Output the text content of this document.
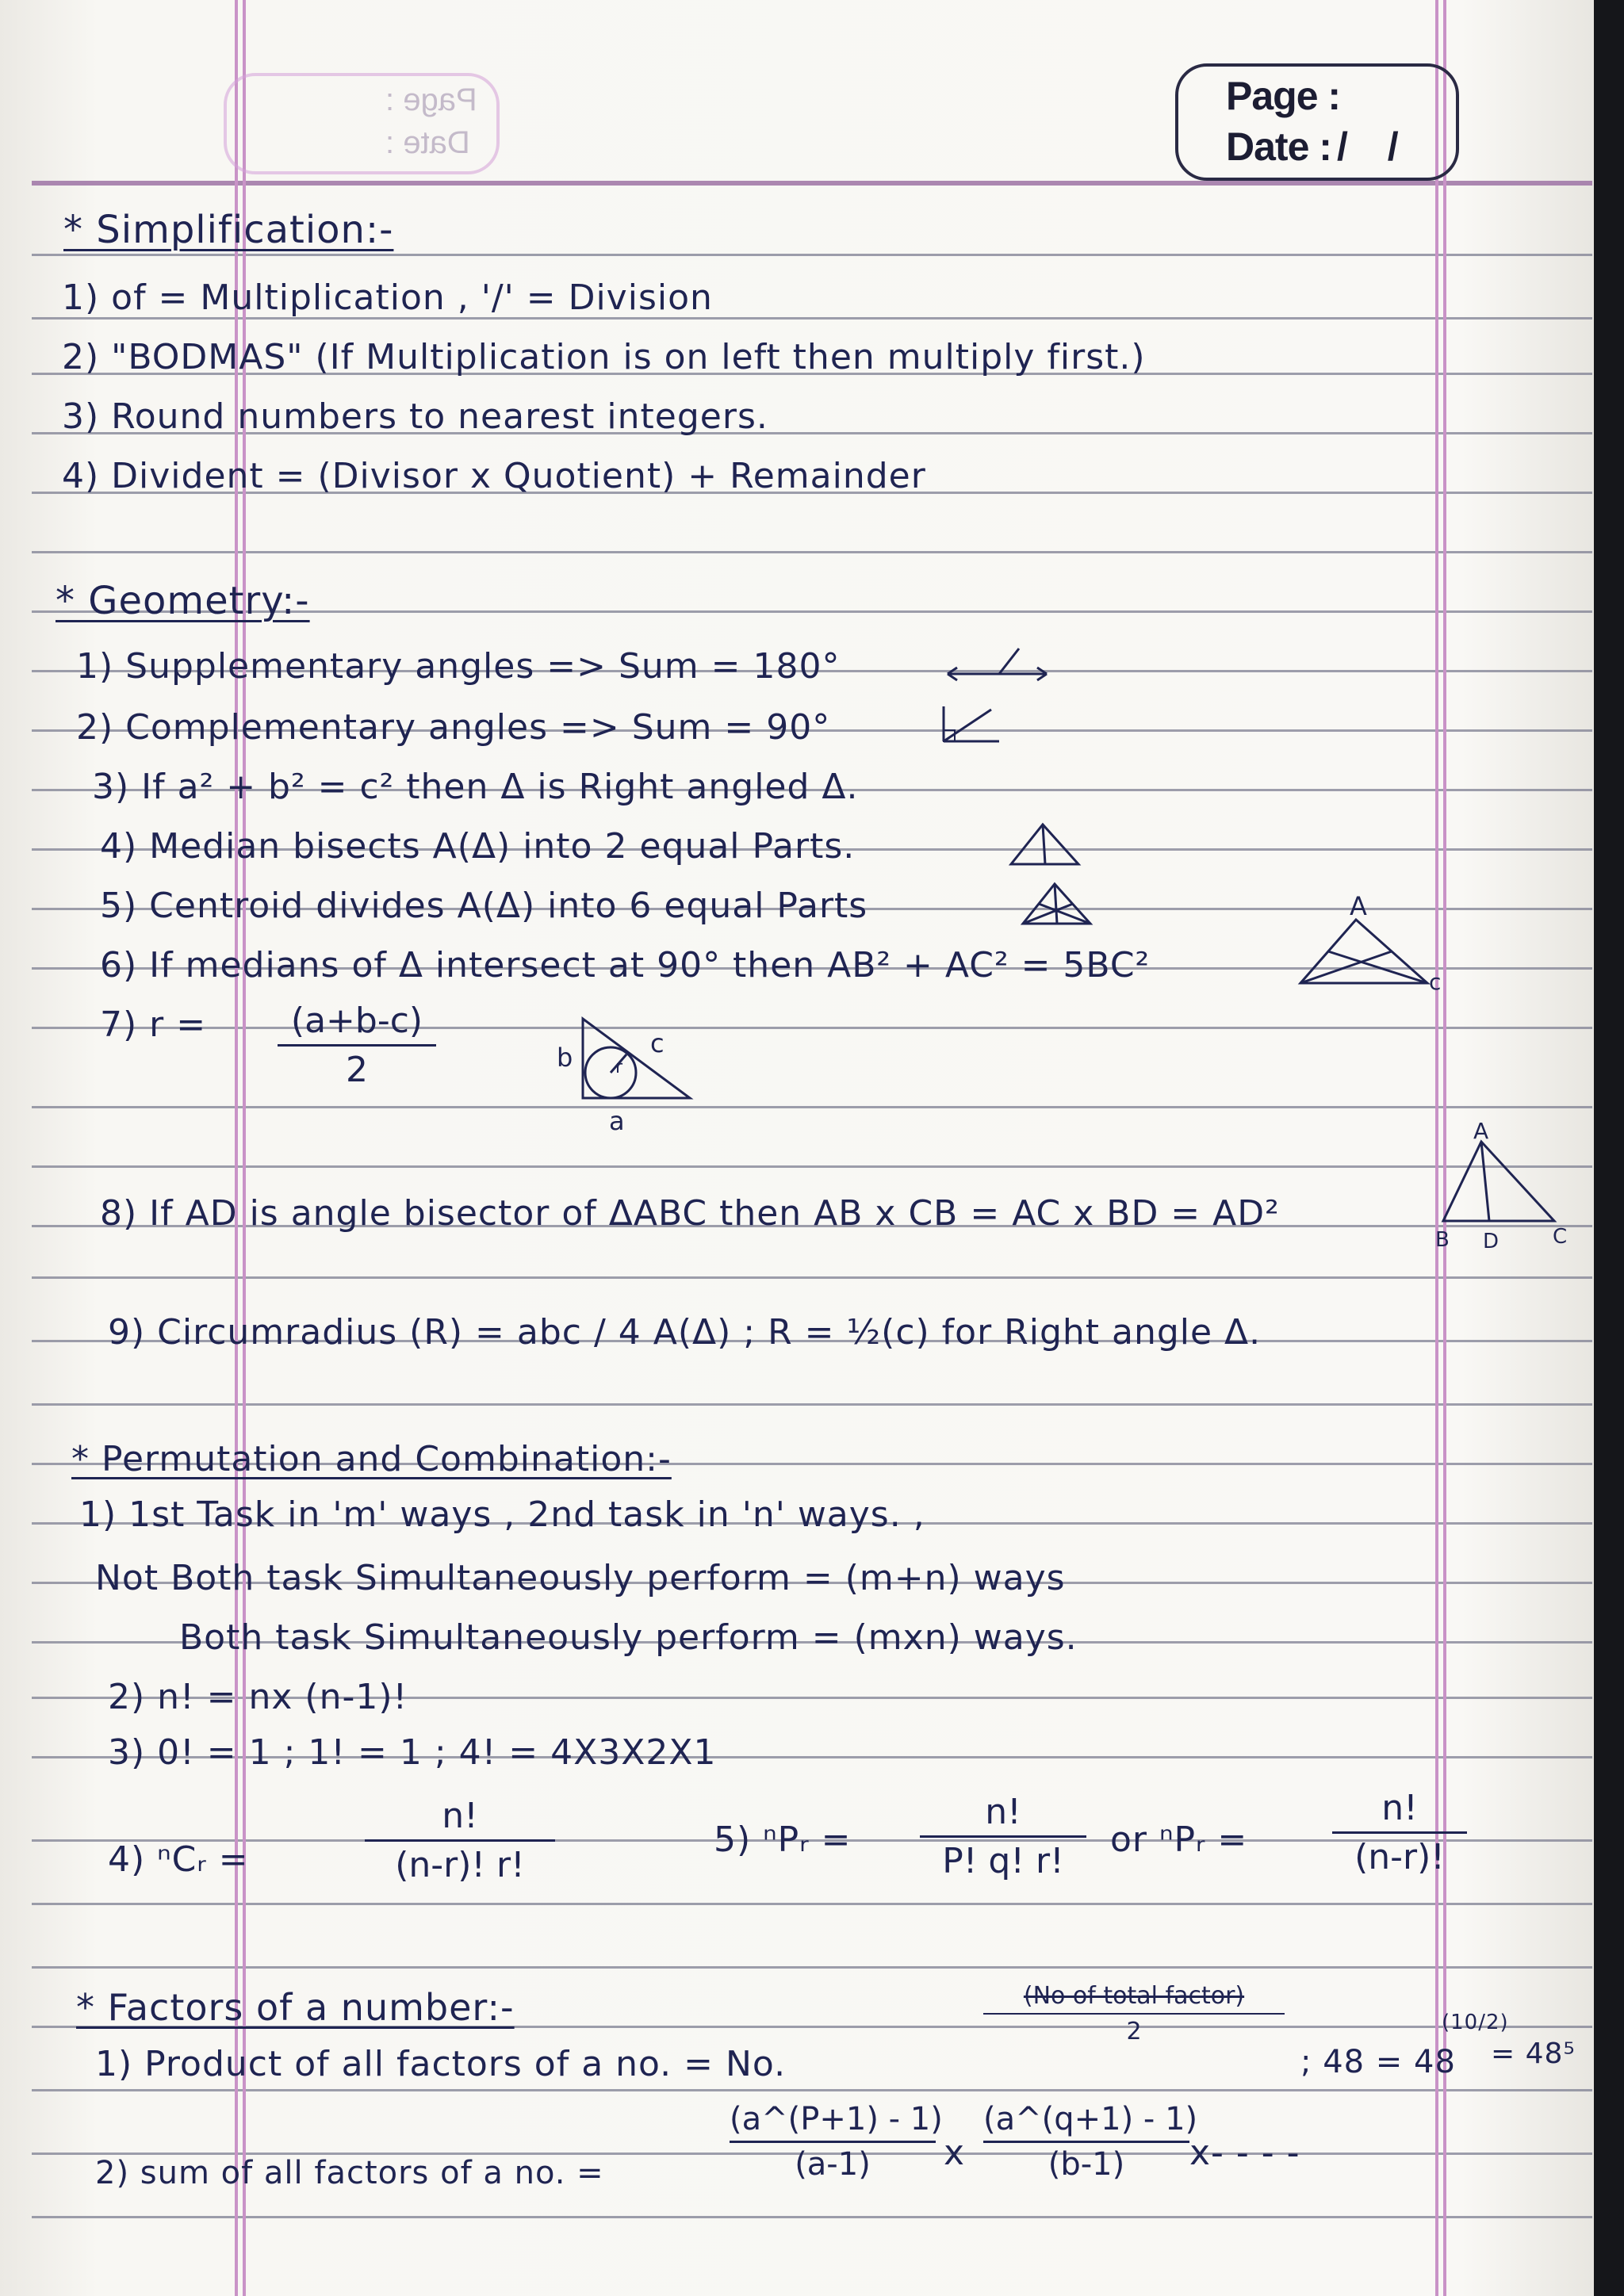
Page :
Date :
Page :
Date : / /
* Simplification:-
1) of = Multiplication , '/' = Division
2) "BODMAS" (If Multiplication is on left then multiply first.)
3) Round numbers to nearest integers.
4) Divident = (Divisor x Quotient) + Remainder
* Geometry:-
1) Supplementary angles => Sum = 180°
2) Complementary angles => Sum = 90°
3) If a² + b² = c² then Δ is Right angled Δ.
4) Median bisects A(Δ) into 2 equal Parts.
5) Centroid divides A(Δ) into 6 equal Parts
6) If medians of Δ intersect at 90° then AB² + AC² = 5BC²
A
c
7) r =	(a+b-c)
2	b	c
a
r
8) If AD is angle bisector of ΔABC then AB x CB = AC x BD = AD²
A
B D	C
9) Circumradius (R) = abc / 4 A(Δ) ; R = ½(c) for Right angle Δ.
* Permutation and Combination:-
1) 1st Task in 'm' ways , 2nd task in 'n' ways. ,
Not Both task Simultaneously perform = (m+n) ways
Both task Simultaneously perform = (mxn) ways.
2) n! = nx (n-1)!
3) 0! = 1 ; 1! = 1 ; 4! = 4X3X2X1
4) ⁿCᵣ =
n!
(n-r)! r!
5) ⁿPᵣ =
n!
P! q! r!
or ⁿPᵣ =
n!
(n-r)!
* Factors of a number:-	(No of total factor)
2
1) Product of all factors of a no. = No.	; 48 = 48
(10/2)
= 48⁵
2) sum of all factors of a no. =
(a^(P+1) - 1)
(a-1)	x
(a^(q+1) - 1)
(b-1)	x- - - -
